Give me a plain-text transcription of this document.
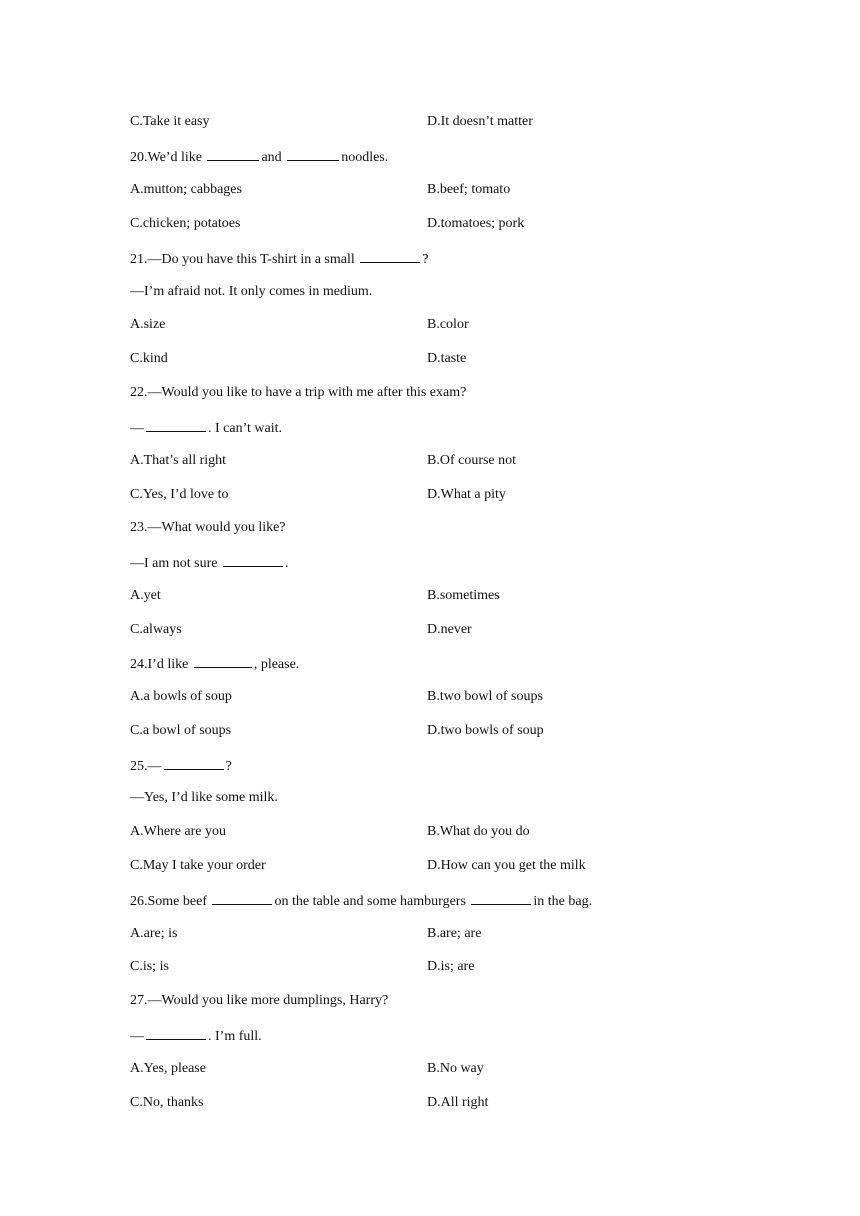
C.Take it easy	D.It doesn’t matter
20.We’d like	and	noodles.
A.mutton; cabbages	B.beef; tomato
C.chicken; potatoes	D.tomatoes; pork
21.—Do you have this T-shirt in a small	?
—I’m afraid not. It only comes in medium.
A.size	B.color
C.kind	D.taste
22.—Would you like to have a trip with me after this exam?
—	. I can’t wait.
A.That’s all right	B.Of course not
C.Yes, I’d love to	D.What a pity
23.—What would you like?
—I am not sure	.
A.yet	B.sometimes
C.always	D.never
24.I’d like	, please.
A.a bowls of soup	B.two bowl of soups
C.a bowl of soups	D.two bowls of soup
25.—	?
—Yes, I’d like some milk.
A.Where are you	B.What do you do
C.May I take your order	D.How can you get the milk
26.Some beef	on the table and some hamburgers	in the bag.
A.are; is	B.are; are
C.is; is	D.is; are
27.—Would you like more dumplings, Harry?
—	. I’m full.
A.Yes, please	B.No way
C.No, thanks	D.All right
